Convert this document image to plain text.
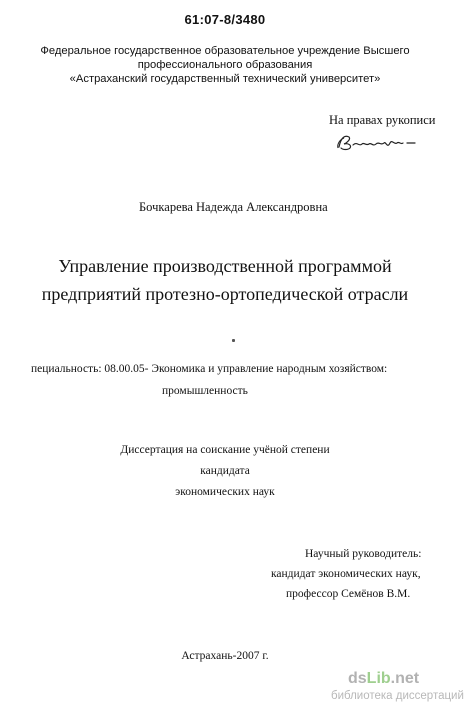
61:07-8/3480
Федеральное государственное образовательное учреждение Высшего
профессионального образования
«Астраханский государственный технический университет»
На правах рукописи
Бочкарева Надежда Александровна
Управление производственной программой
предприятий протезно-ортопедической отрасли
пециальность: 08.00.05- Экономика и управление народным хозяйством:
промышленность
Диссертация на соискание учёной степени
кандидата
экономических наук
Научный руководитель:
кандидат экономических наук,
профессор Семёнов В.М.
Астрахань-2007 г.
dsLib.net
библиотека диссертаций
